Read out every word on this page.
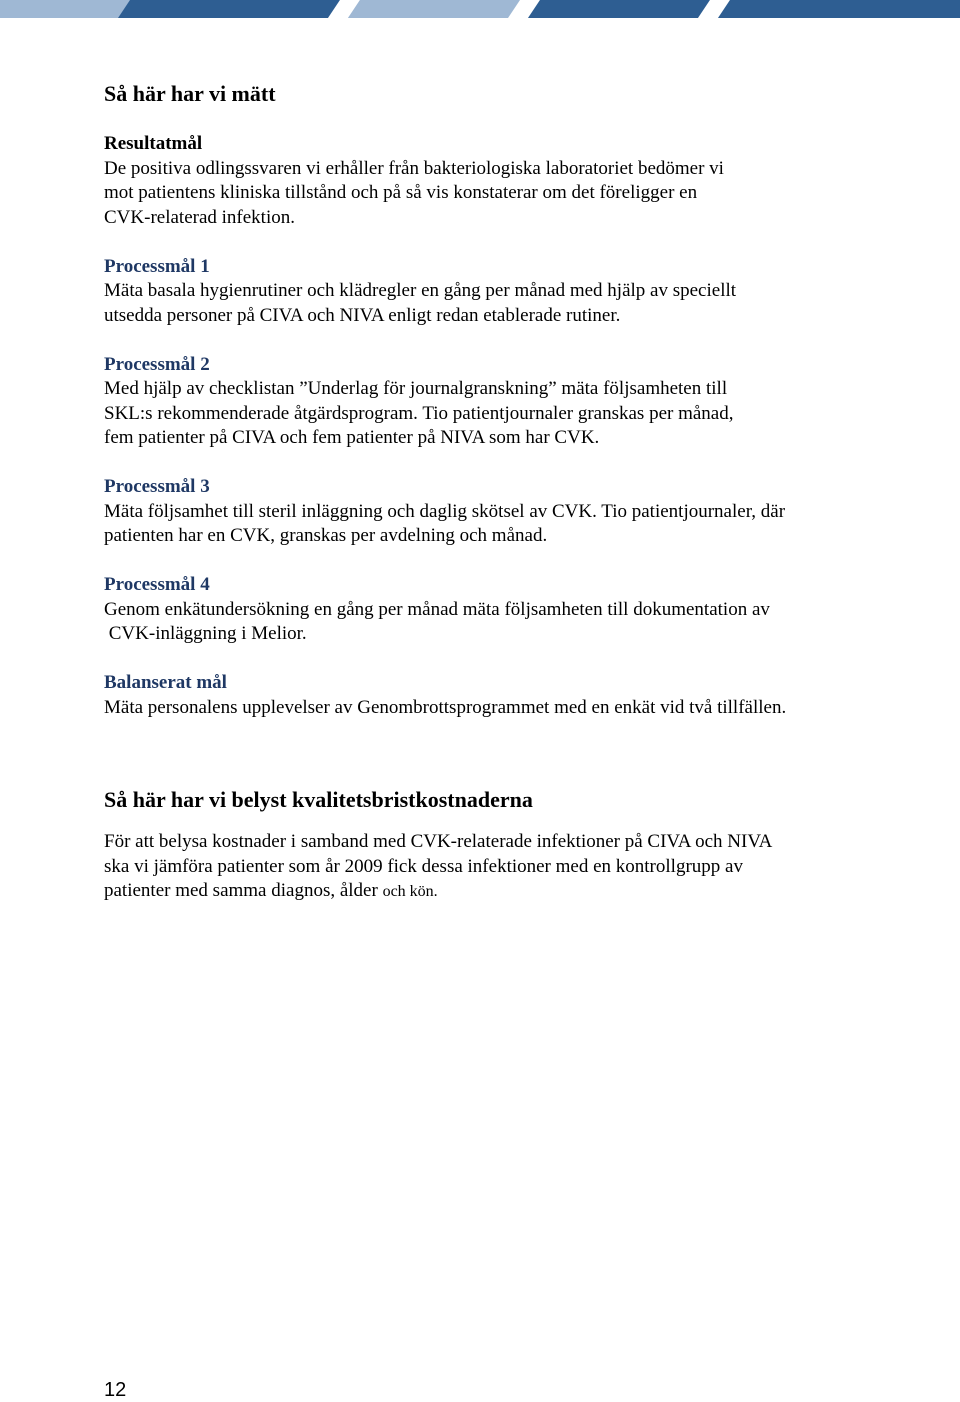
Så här har vi mätt
Resultatmål
De positiva odlingssvaren vi erhåller från bakteriologiska laboratoriet bedömer vi
mot patientens kliniska tillstånd och på så vis konstaterar om det föreligger en
CVK-relaterad infektion.
Processmål 1
Mäta basala hygienrutiner och klädregler en gång per månad med hjälp av speciellt
utsedda personer på CIVA och NIVA enligt redan etablerade rutiner.
Processmål 2
Med hjälp av checklistan ”Underlag för journalgranskning” mäta följsamheten till
SKL:s rekommenderade åtgärdsprogram. Tio patientjournaler granskas per månad,
fem patienter på CIVA och fem patienter på NIVA som har CVK.
Processmål 3
Mäta följsamhet till steril inläggning och daglig skötsel av CVK. Tio patientjournaler, där
patienten har en CVK, granskas per avdelning och månad.
Processmål 4
Genom enkätundersökning en gång per månad mäta följsamheten till dokumentation av
CVK-inläggning i Melior.
Balanserat mål
Mäta personalens upplevelser av Genombrottsprogrammet med en enkät vid två tillfällen.
Så här har vi belyst kvalitetsbristkostnaderna
För att belysa kostnader i samband med CVK-relaterade infektioner på CIVA och NIVA
ska vi jämföra patienter som år 2009 fick dessa infektioner med en kontrollgrupp av
patienter med samma diagnos, ålder och kön.
12
